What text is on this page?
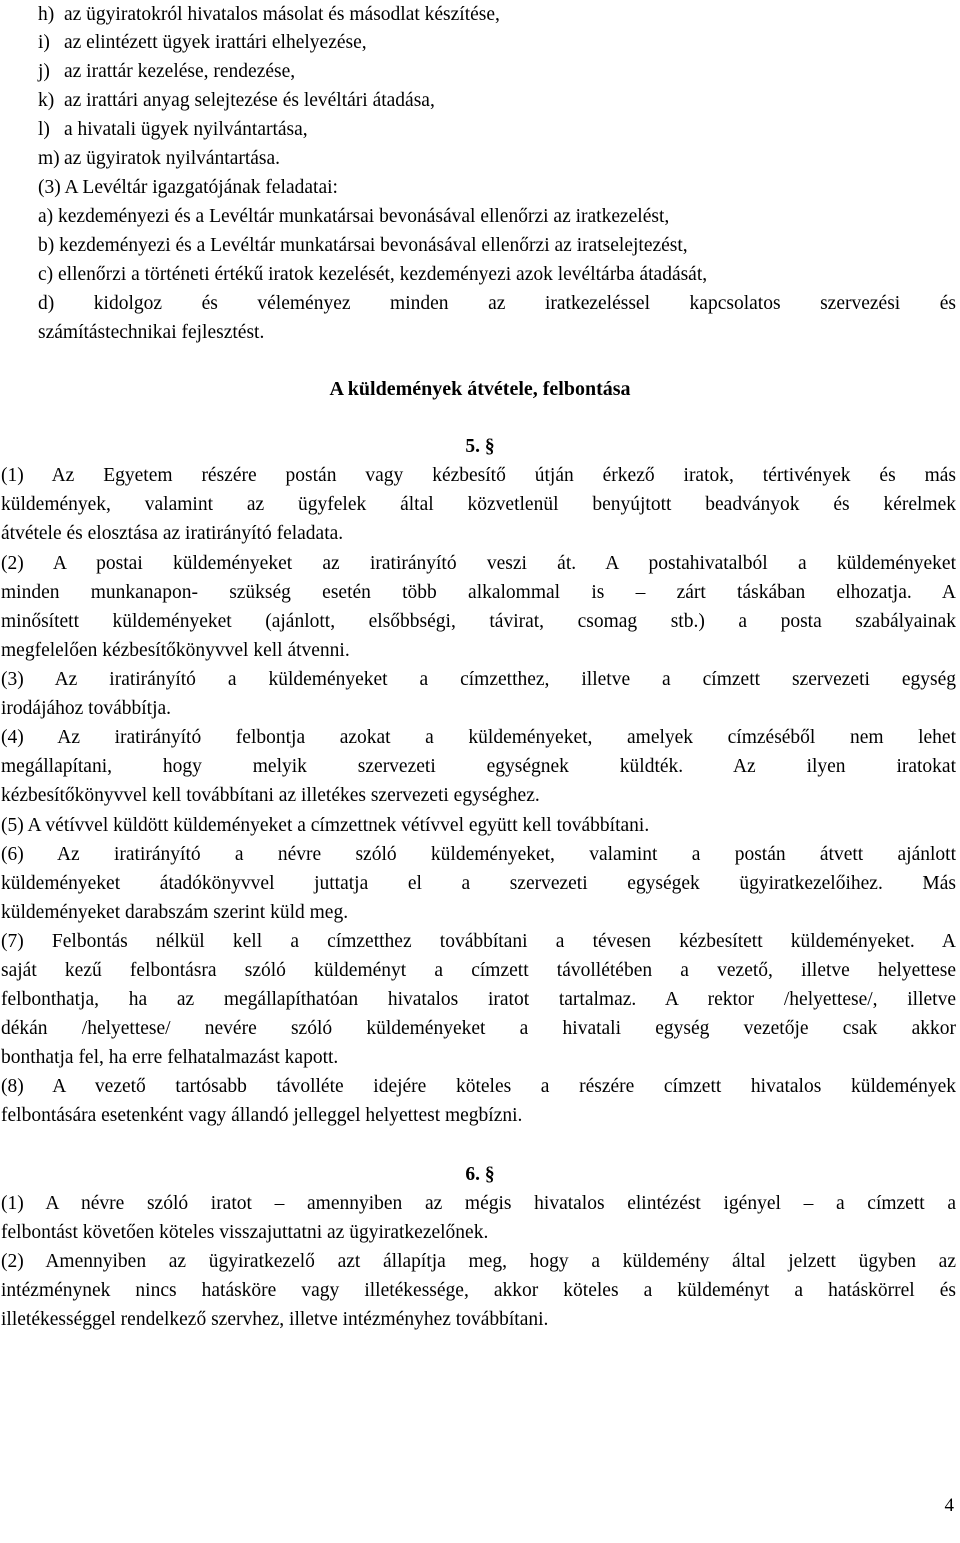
h) az ügyiratokról hivatalos másolat és másodlat készítése,
i) az elintézett ügyek irattári elhelyezése,
j) az irattár kezelése, rendezése,
k) az irattári anyag selejtezése és levéltári átadása,
l) a hivatali ügyek nyilvántartása,
m) az ügyiratok nyilvántartása.
(3) A Levéltár igazgatójának feladatai:
a) kezdeményezi és a Levéltár munkatársai bevonásával ellenőrzi az iratkezelést,
b) kezdeményezi és a Levéltár munkatársai bevonásával ellenőrzi az iratselejtezést,
c) ellenőrzi a történeti értékű iratok kezelését, kezdeményezi azok levéltárba átadását,
d) kidolgoz és véleményez minden az iratkezeléssel kapcsolatos szervezési és
számítástechnikai fejlesztést.
A küldemények átvétele, felbontása
5. §
(1) Az Egyetem részére postán vagy kézbesítő útján érkező iratok, tértivények és más
küldemények, valamint az ügyfelek által közvetlenül benyújtott beadványok és kérelmek
átvétele és elosztása az iratirányító feladata.
(2) A postai küldeményeket az iratirányító veszi át. A postahivatalból a küldeményeket
minden munkanapon- szükség esetén több alkalommal is – zárt táskában elhozatja. A
minősített küldeményeket (ajánlott, elsőbbségi, távirat, csomag stb.) a posta szabályainak
megfelelően kézbesítőkönyvvel kell átvenni.
(3) Az iratirányító a küldeményeket a címzetthez, illetve a címzett szervezeti egység
irodájához továbbítja.
(4) Az iratirányító felbontja azokat a küldeményeket, amelyek címzéséből nem lehet
megállapítani, hogy melyik szervezeti egységnek küldték. Az ilyen iratokat
kézbesítőkönyvvel kell továbbítani az illetékes szervezeti egységhez.
(5) A vétívvel küldött küldeményeket a címzettnek vétívvel együtt kell továbbítani.
(6) Az iratirányító a névre szóló küldeményeket, valamint a postán átvett ajánlott
küldeményeket átadókönyvvel juttatja el a szervezeti egységek ügyiratkezelőihez. Más
küldeményeket darabszám szerint küld meg.
(7) Felbontás nélkül kell a címzetthez továbbítani a tévesen kézbesített küldeményeket. A
saját kezű felbontásra szóló küldeményt a címzett távollétében a vezető, illetve helyettese
felbonthatja, ha az megállapíthatóan hivatalos iratot tartalmaz. A rektor /helyettese/, illetve
dékán /helyettese/ nevére szóló küldeményeket a hivatali egység vezetője csak akkor
bonthatja fel, ha erre felhatalmazást kapott.
(8) A vezető tartósabb távolléte idejére köteles a részére címzett hivatalos küldemények
felbontására esetenként vagy állandó jelleggel helyettest megbízni.
6. §
(1) A névre szóló iratot – amennyiben az mégis hivatalos elintézést igényel – a címzett a
felbontást követően köteles visszajuttatni az ügyiratkezelőnek.
(2) Amennyiben az ügyiratkezelő azt állapítja meg, hogy a küldemény által jelzett ügyben az
intézménynek nincs hatásköre vagy illetékessége, akkor köteles a küldeményt a hatáskörrel és
illetékességgel rendelkező szervhez, illetve intézményhez továbbítani.
4
